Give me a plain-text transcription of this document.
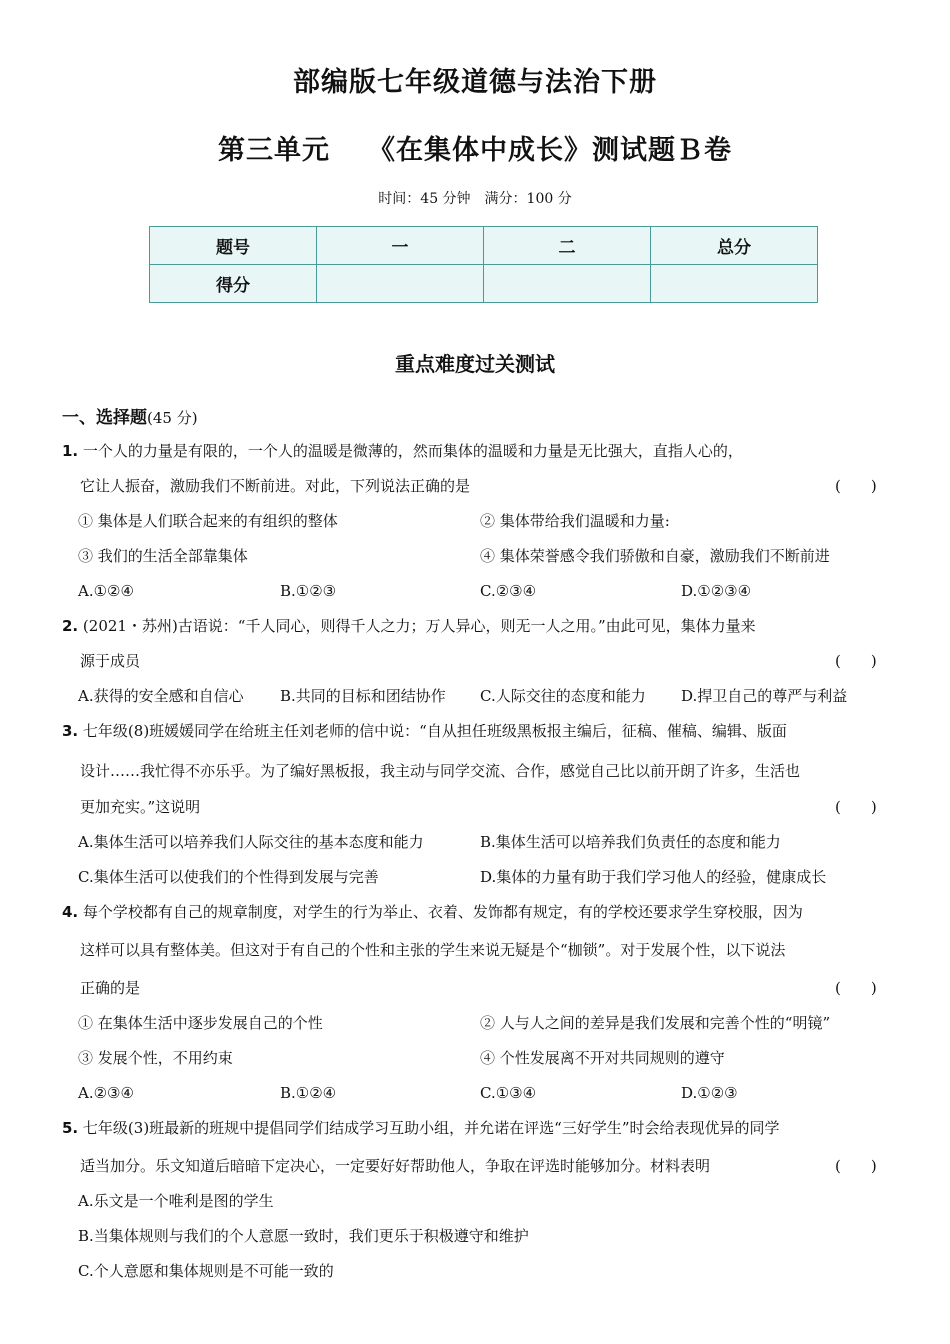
部编版七年级道德与法治下册
第三单元 《在集体中成长》测试题Ｂ卷
时间：45 分钟 满分：100 分
题号	一	二	总分
得分			
重点难度过关测试
一、选择题(45 分)
1. 一个人的力量是有限的，一个人的温暖是微薄的，然而集体的温暖和力量是无比强大，直指人心的，
它让人振奋，激励我们不断前进。对此，下列说法正确的是	(　　)
① 集体是人们联合起来的有组织的整体	② 集体带给我们温暖和力量:
③ 我们的生活全部靠集体	④ 集体荣誉感令我们骄傲和自豪，激励我们不断前进
A.①②④	B.①②③	C.②③④	D.①②③④
2. (2021・苏州)古语说：“千人同心，则得千人之力；万人异心，则无一人之用。”由此可见，集体力量来
源于成员	(　　)
A.获得的安全感和自信心 B.共同的目标和团结协作 C.人际交往的态度和能力 D.捍卫自己的尊严与利益
3. 七年级(8)班媛媛同学在给班主任刘老师的信中说：“自从担任班级黑板报主编后，征稿、催稿、编辑、版面
设计……我忙得不亦乐乎。为了编好黑板报，我主动与同学交流、合作，感觉自己比以前开朗了许多，生活也
更加充实。”这说明	(　　)
A.集体生活可以培养我们人际交往的基本态度和能力	B.集体生活可以培养我们负责任的态度和能力
C.集体生活可以使我们的个性得到发展与完善	D.集体的力量有助于我们学习他人的经验，健康成长
4. 每个学校都有自己的规章制度，对学生的行为举止、衣着、发饰都有规定，有的学校还要求学生穿校服，因为
这样可以具有整体美。但这对于有自己的个性和主张的学生来说无疑是个“枷锁”。对于发展个性，以下说法
正确的是	(　　)
① 在集体生活中逐步发展自己的个性	② 人与人之间的差异是我们发展和完善个性的“明镜”
③ 发展个性，不用约束	④ 个性发展离不开对共同规则的遵守
A.②③④	B.①②④	C.①③④	D.①②③
5. 七年级(3)班最新的班规中提倡同学们结成学习互助小组，并允诺在评选“三好学生”时会给表现优异的同学
适当加分。乐文知道后暗暗下定决心，一定要好好帮助他人，争取在评选时能够加分。材料表明	(　　)
A.乐文是一个唯利是图的学生
B.当集体规则与我们的个人意愿一致时，我们更乐于积极遵守和维护
C.个人意愿和集体规则是不可能一致的
